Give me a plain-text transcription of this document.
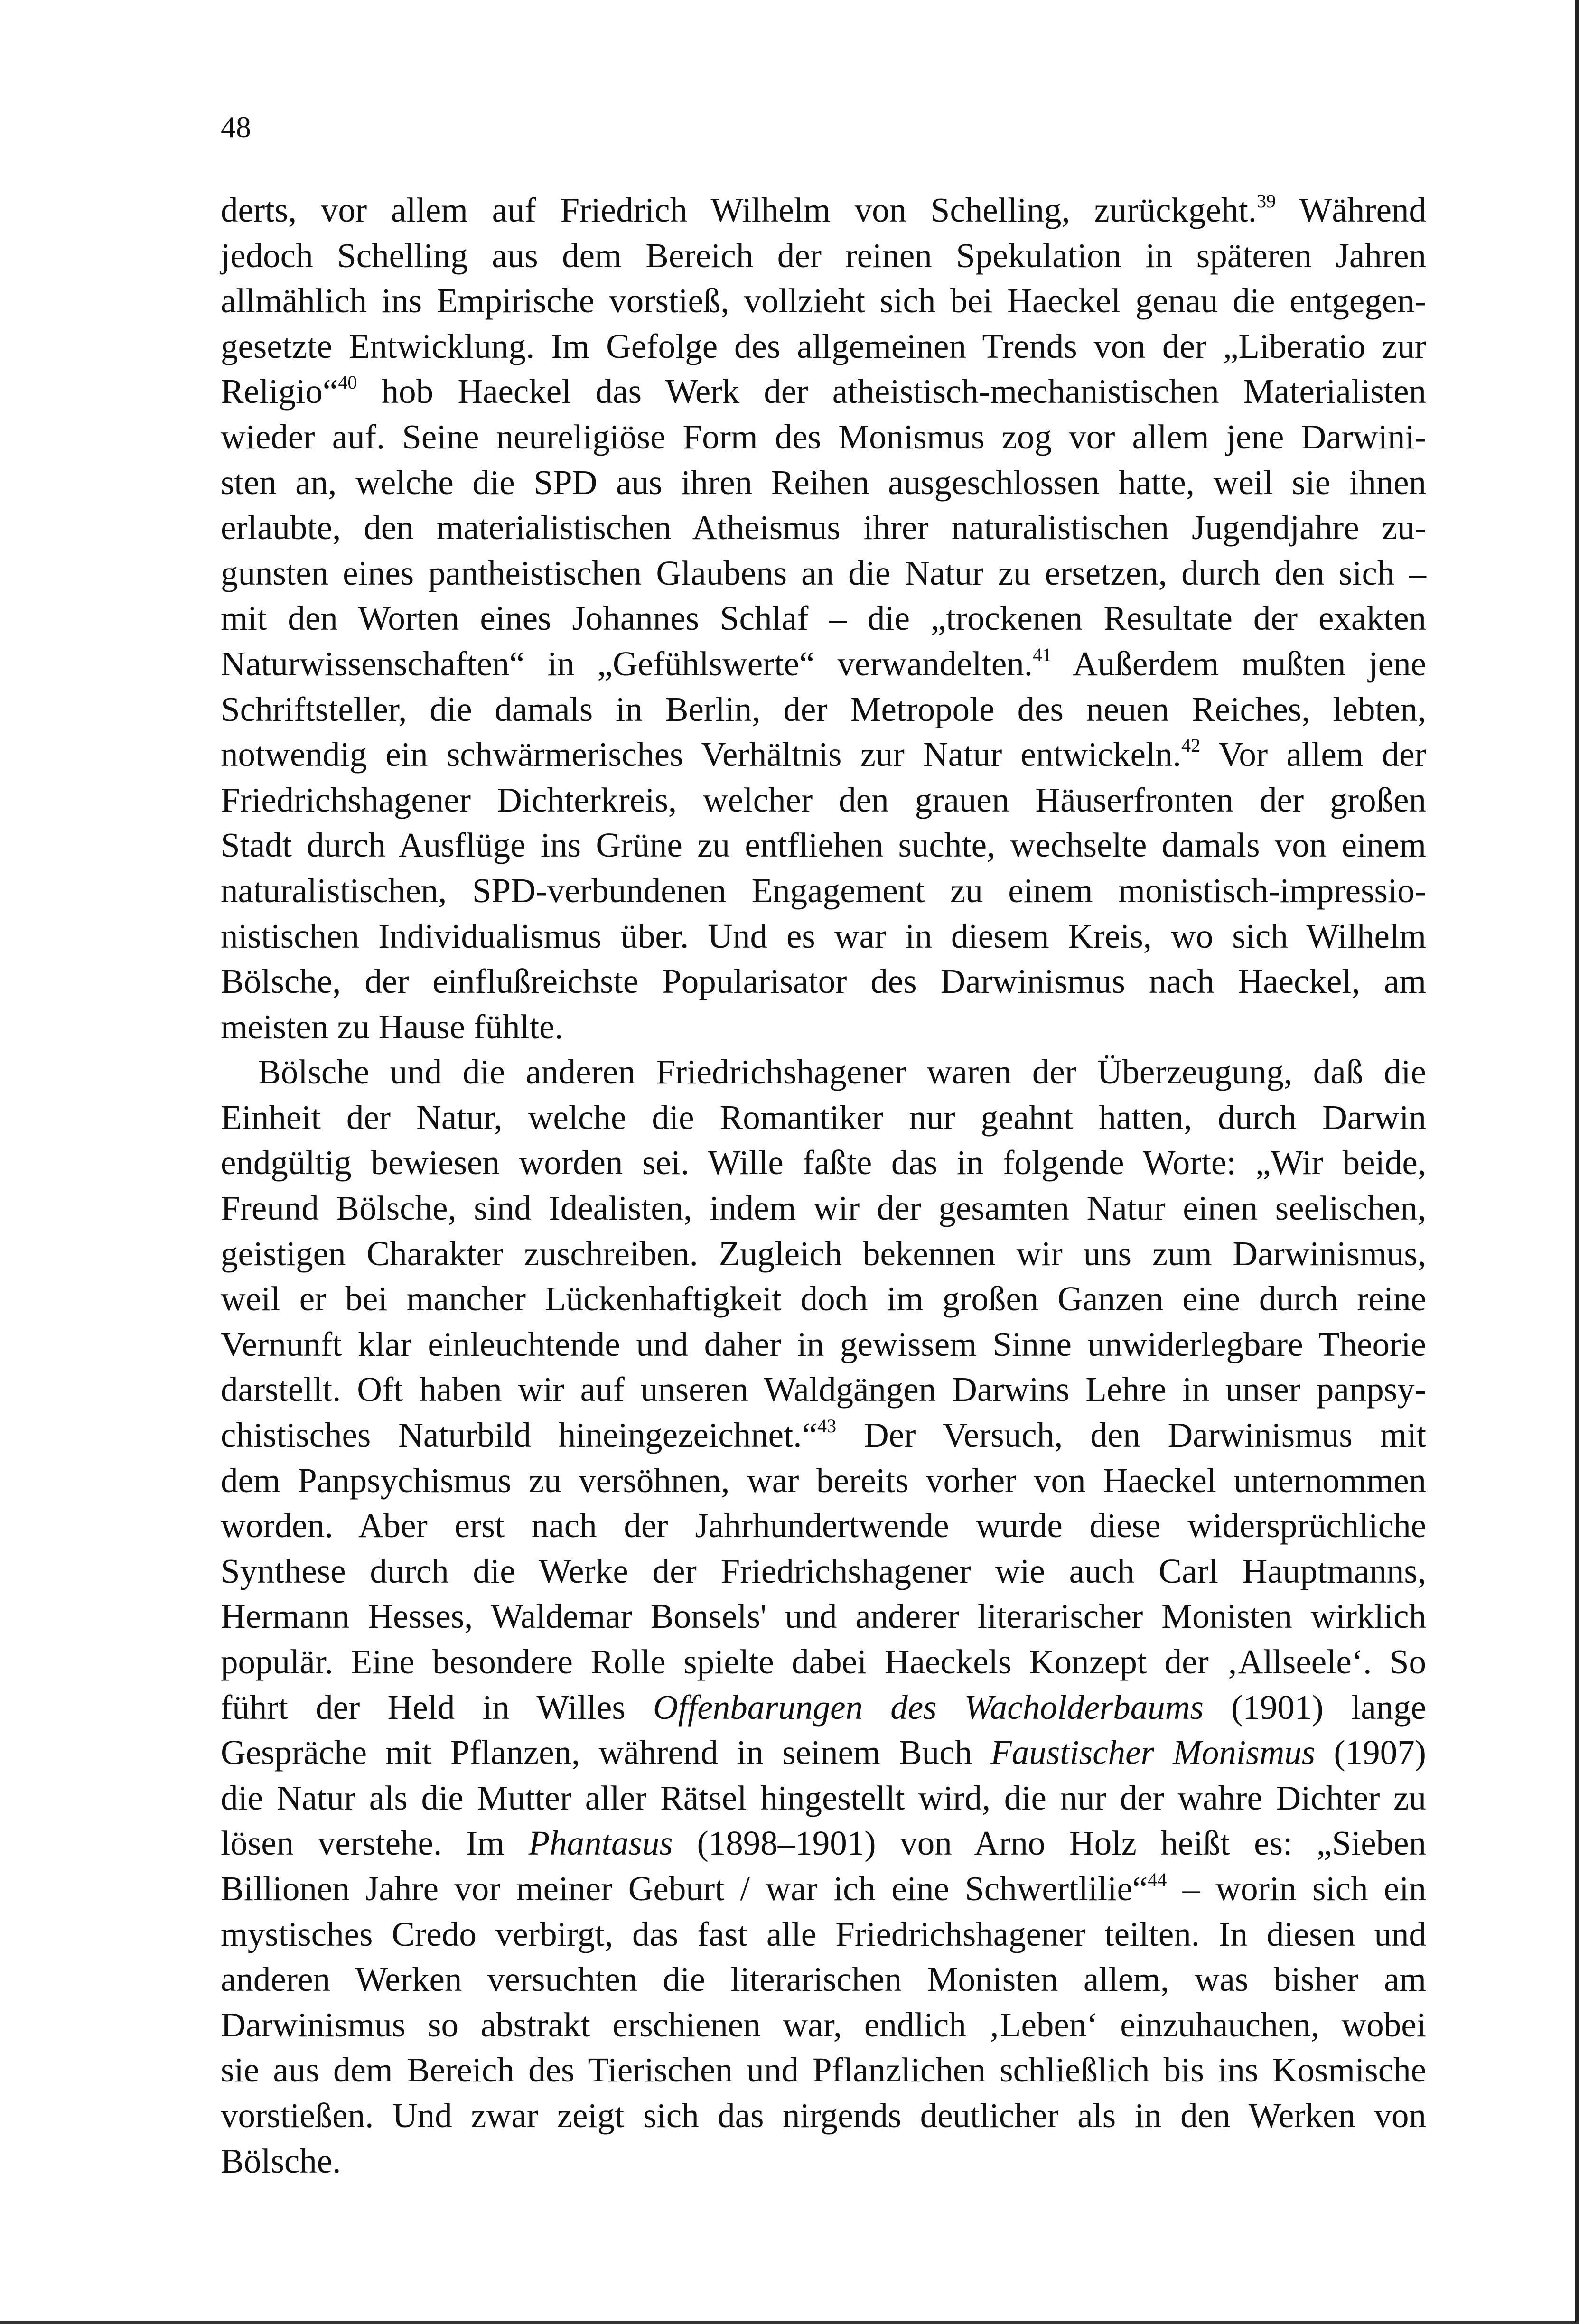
48
derts, vor allem auf Friedrich Wilhelm von Schelling, zurückgeht.$^{39}$ Während
jedoch Schelling aus dem Bereich der reinen Spekulation in späteren Jahren
allmählich ins Empirische vorstieß, vollzieht sich bei Haeckel genau die entgegen-
gesetzte Entwicklung. Im Gefolge des allgemeinen Trends von der „Liberatio zur
Religio“$^{40}$ hob Haeckel das Werk der atheistisch-mechanistischen Materialisten
wieder auf. Seine neureligiöse Form des Monismus zog vor allem jene Darwini-
sten an, welche die SPD aus ihren Reihen ausgeschlossen hatte, weil sie ihnen
erlaubte, den materialistischen Atheismus ihrer naturalistischen Jugendjahre zu-
gunsten eines pantheistischen Glaubens an die Natur zu ersetzen, durch den sich –
mit den Worten eines Johannes Schlaf – die „trockenen Resultate der exakten
Naturwissenschaften“ in „Gefühlswerte“ verwandelten.$^{41}$ Außerdem mußten jene
Schriftsteller, die damals in Berlin, der Metropole des neuen Reiches, lebten,
notwendig ein schwärmerisches Verhältnis zur Natur entwickeln.$^{42}$ Vor allem der
Friedrichshagener Dichterkreis, welcher den grauen Häuserfronten der großen
Stadt durch Ausflüge ins Grüne zu entfliehen suchte, wechselte damals von einem
naturalistischen, SPD-verbundenen Engagement zu einem monistisch-impressio-
nistischen Individualismus über. Und es war in diesem Kreis, wo sich Wilhelm
Bölsche, der einflußreichste Popularisator des Darwinismus nach Haeckel, am
meisten zu Hause fühlte.
Bölsche und die anderen Friedrichshagener waren der Überzeugung, daß die
Einheit der Natur, welche die Romantiker nur geahnt hatten, durch Darwin
endgültig bewiesen worden sei. Wille faßte das in folgende Worte: „Wir beide,
Freund Bölsche, sind Idealisten, indem wir der gesamten Natur einen seelischen,
geistigen Charakter zuschreiben. Zugleich bekennen wir uns zum Darwinismus,
weil er bei mancher Lückenhaftigkeit doch im großen Ganzen eine durch reine
Vernunft klar einleuchtende und daher in gewissem Sinne unwiderlegbare Theorie
darstellt. Oft haben wir auf unseren Waldgängen Darwins Lehre in unser panpsy-
chistisches Naturbild hineingezeichnet.“$^{43}$ Der Versuch, den Darwinismus mit
dem Panpsychismus zu versöhnen, war bereits vorher von Haeckel unternommen
worden. Aber erst nach der Jahrhundertwende wurde diese widersprüchliche
Synthese durch die Werke der Friedrichshagener wie auch Carl Hauptmanns,
Hermann Hesses, Waldemar Bonsels' und anderer literarischer Monisten wirklich
populär. Eine besondere Rolle spielte dabei Haeckels Konzept der ‚Allseele‘. So
führt der Held in Willes Offenbarungen des Wacholderbaums (1901) lange
Gespräche mit Pflanzen, während in seinem Buch Faustischer Monismus (1907)
die Natur als die Mutter aller Rätsel hingestellt wird, die nur der wahre Dichter zu
lösen verstehe. Im Phantasus (1898–1901) von Arno Holz heißt es: „Sieben
Billionen Jahre vor meiner Geburt / war ich eine Schwertlilie“$^{44}$ – worin sich ein
mystisches Credo verbirgt, das fast alle Friedrichshagener teilten. In diesen und
anderen Werken versuchten die literarischen Monisten allem, was bisher am
Darwinismus so abstrakt erschienen war, endlich ‚Leben‘ einzuhauchen, wobei
sie aus dem Bereich des Tierischen und Pflanzlichen schließlich bis ins Kosmische
vorstießen. Und zwar zeigt sich das nirgends deutlicher als in den Werken von
Bölsche.
